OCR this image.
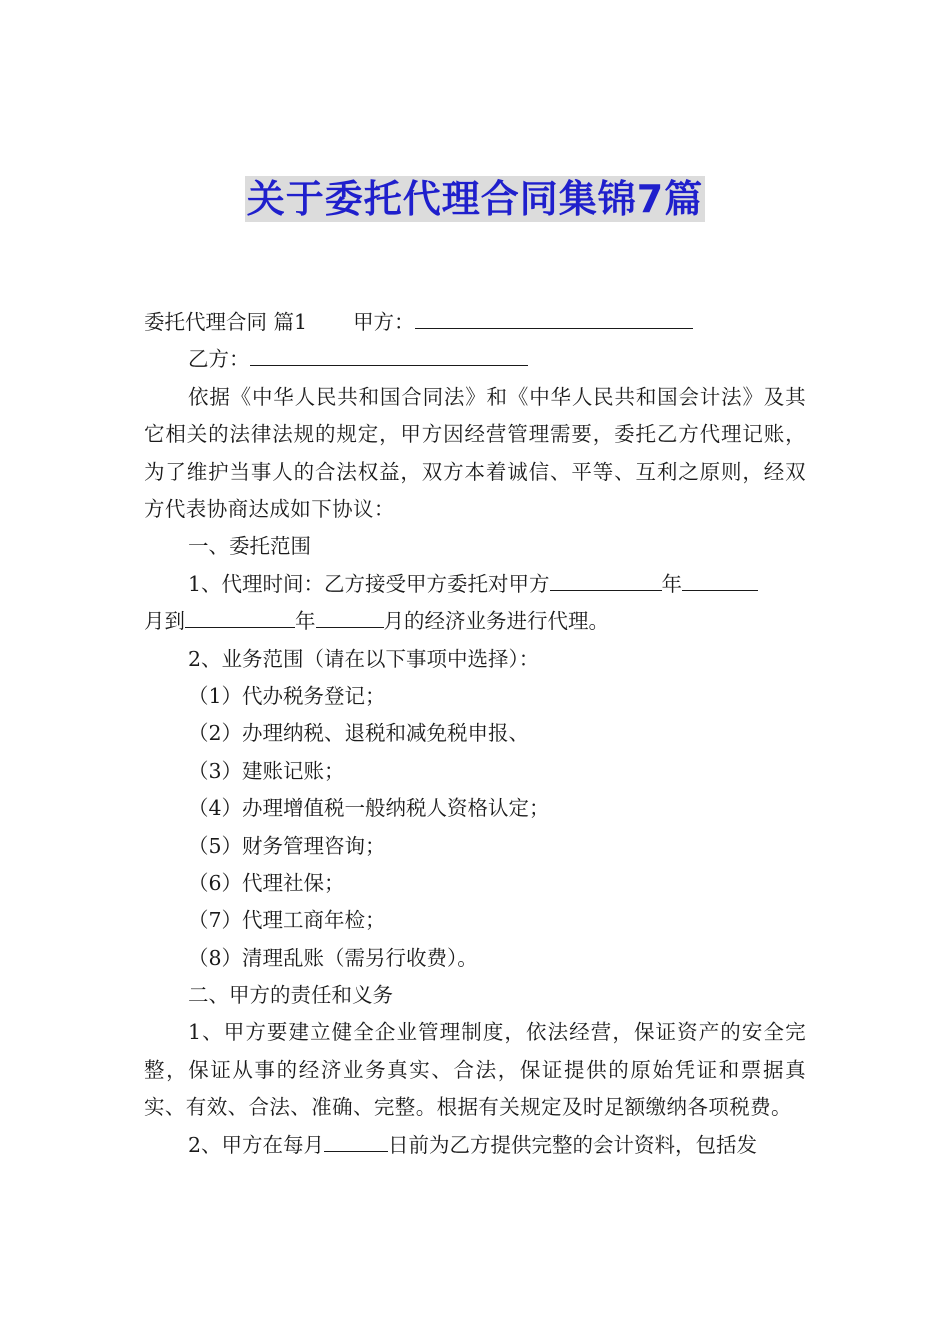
关于委托代理合同集锦7篇
委托代理合同 篇1 甲方：
乙方：
依据《中华人民共和国合同法》和《中华人民共和国会计法》及其它相关的法律法规的规定，甲方因经营管理需要，委托乙方代理记账，为了维护当事人的合法权益，双方本着诚信、平等、互利之原则，经双方代表协商达成如下协议：
一、委托范围
1、代理时间：乙方接受甲方委托对甲方	年
月到	年	月的经济业务进行代理。
2、业务范围（请在以下事项中选择）：
（1）代办税务登记；
（2）办理纳税、退税和减免税申报、
（3）建账记账；
（4）办理增值税一般纳税人资格认定；
（5）财务管理咨询；
（6）代理社保；
（7）代理工商年检；
（8）清理乱账（需另行收费）。
二、甲方的责任和义务
1、甲方要建立健全企业管理制度，依法经营，保证资产的安全完整，保证从事的经济业务真实、合法，保证提供的原始凭证和票据真实、有效、合法、准确、完整。根据有关规定及时足额缴纳各项税费。
2、甲方在每月	日前为乙方提供完整的会计资料，包括发
